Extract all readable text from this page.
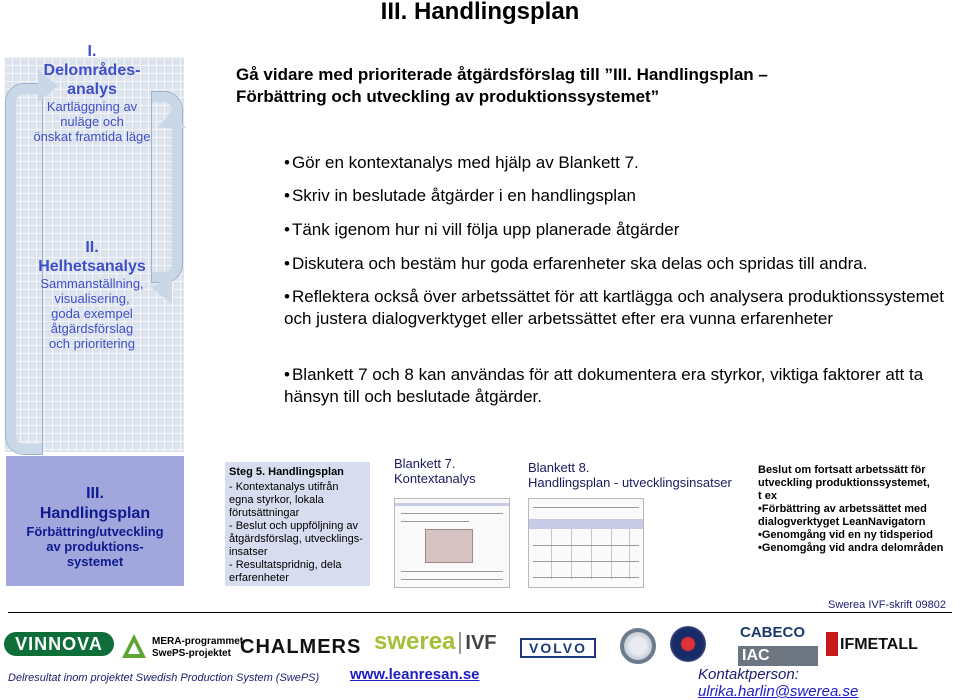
III. Handlingsplan
I.
Delområdes-
analys
Kartläggning av
nuläge och
önskat framtida läge
II.
Helhetsanalys
Sammanställning,
visualisering,
goda exempel
åtgärdsförslag
och prioritering
Gå vidare med prioriterade åtgärdsförslag till ”III. Handlingsplan –
Förbättring och utveckling av produktionssystemet”
• Gör en kontextanalys med hjälp av Blankett 7.
• Skriv in beslutade åtgärder i en handlingsplan
• Tänk igenom hur ni vill följa upp planerade åtgärder
• Diskutera och bestäm hur goda erfarenheter ska delas och spridas till andra.
• Reflektera också över arbetssättet för att kartlägga och analysera produktionssystemet och justera dialogverktyget eller arbetssättet efter era vunna erfarenheter
• Blankett 7 och 8 kan användas för att dokumentera era styrkor, viktiga faktorer att ta hänsyn till och beslutade åtgärder.
III.
Handlingsplan
Förbättring/utveckling
av produktions-
systemet
Steg 5. Handlingsplan
- Kontextanalys utifrån
egna styrkor, lokala
förutsättningar
- Beslut och uppföljning av
åtgärdsförslag, utvecklings-
insatser
- Resultatspridnig, dela
erfarenheter
Blankett 7.
Kontextanalys
Blankett 8.
Handlingsplan - utvecklingsinsatser
Beslut om fortsatt arbetssätt för
utveckling produktionssystemet,
t ex
•Förbättring av arbetssättet med
dialogverktyget LeanNavigatorn
•Genomgång vid en ny tidsperiod
•Genomgång vid andra delområden
Swerea IVF-skrift 09802
VINNOVA	MERA-programmet
SwePS-projektet CHALMERS swerea IVF	VOLVO
CABECO
IAC
IFMETALL
Delresultat inom projektet Swedish Production System (SwePS) www.leanresan.se	Kontaktperson: ulrika.harlin@swerea.se
